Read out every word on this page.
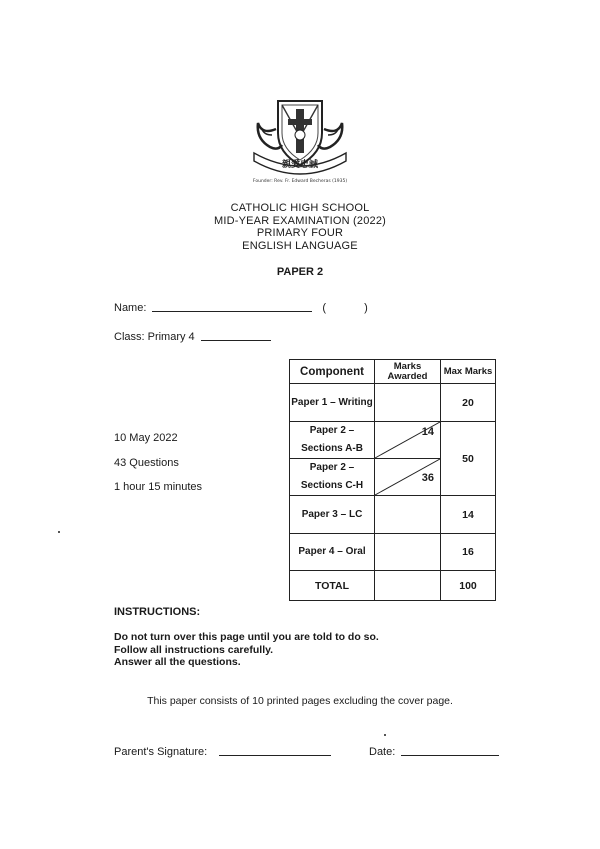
親愛忠誠
Founder: Rev. Fr. Edward Becheras (1935)
CATHOLIC HIGH SCHOOL
MID-YEAR EXAMINATION (2022)
PRIMARY FOUR
ENGLISH LANGUAGE
PAPER 2
Name:	(	)
Class: Primary 4
10 May 2022
43 Questions
1 hour 15 minutes
Component	Marks Awarded	Max Marks
Paper 1 – Writing		20
Paper 2 – Sections A-B	14	50
Paper 2 – Sections C-H	36	

Paper 3 – LC		14
Paper 4 – Oral		16
TOTAL		100
INSTRUCTIONS:
Do not turn over this page until you are told to do so.
Follow all instructions carefully.
Answer all the questions.
This paper consists of 10 printed pages excluding the cover page.
Parent's Signature:	Date:
